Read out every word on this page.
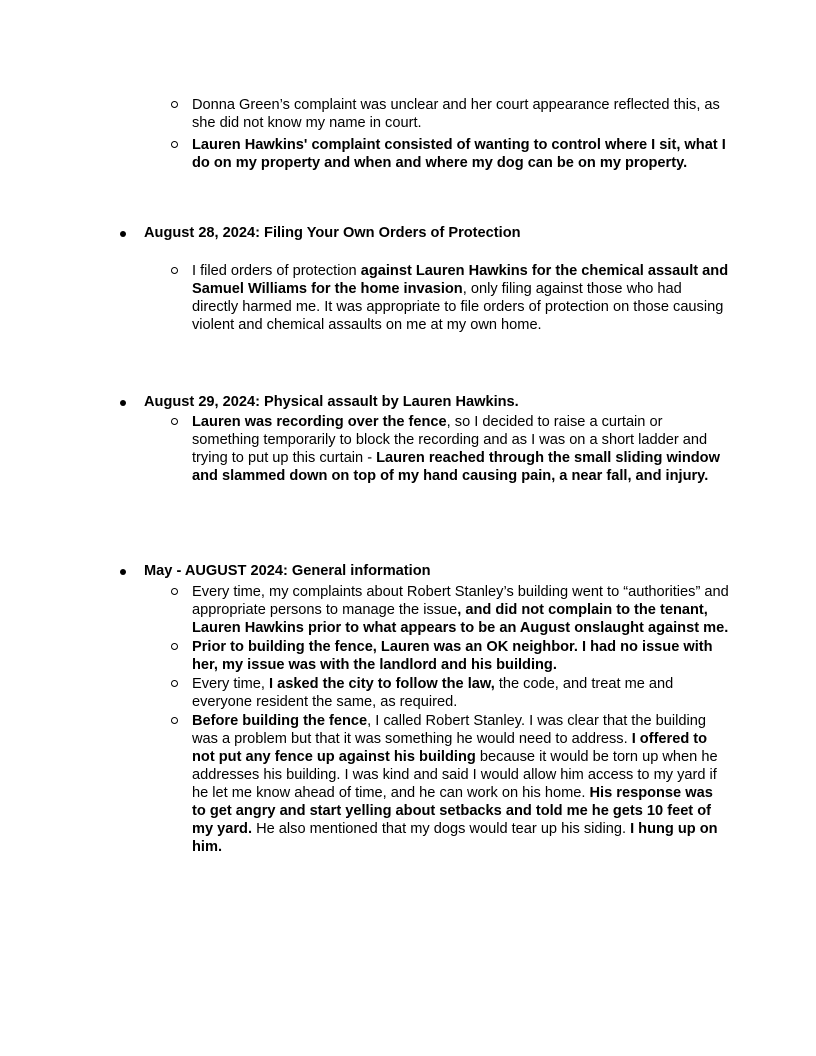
Donna Green’s complaint was unclear and her court appearance reflected this, as she did not know my name in court.
Lauren Hawkins' complaint consisted of wanting to control where I sit, what I do on my property and when and where my dog can be on my property.
August 28, 2024: Filing Your Own Orders of Protection
I filed orders of protection against Lauren Hawkins for the chemical assault and Samuel Williams for the home invasion, only filing against those who had directly harmed me. It was appropriate to file orders of protection on those causing violent and chemical assaults on me at my own home.
August 29, 2024: Physical assault by Lauren Hawkins.
Lauren was recording over the fence, so I decided to raise a curtain or something temporarily to block the recording and as I was on a short ladder and trying to put up this curtain - Lauren reached through the small sliding window and slammed down on top of my hand causing pain, a near fall, and injury.
May - AUGUST 2024: General information
Every time, my complaints about Robert Stanley’s building went to “authorities” and appropriate persons to manage the issue, and did not complain to the tenant, Lauren Hawkins prior to what appears to be an August onslaught against me.
Prior to building the fence, Lauren was an OK neighbor. I had no issue with her, my issue was with the landlord and his building.
Every time, I asked the city to follow the law, the code, and treat me and everyone resident the same, as required.
Before building the fence, I called Robert Stanley. I was clear that the building was a problem but that it was something he would need to address. I offered to not put any fence up against his building because it would be torn up when he addresses his building. I was kind and said I would allow him access to my yard if he let me know ahead of time, and he can work on his home. His response was to get angry and start yelling about setbacks and told me he gets 10 feet of my yard. He also mentioned that my dogs would tear up his siding. I hung up on him.
